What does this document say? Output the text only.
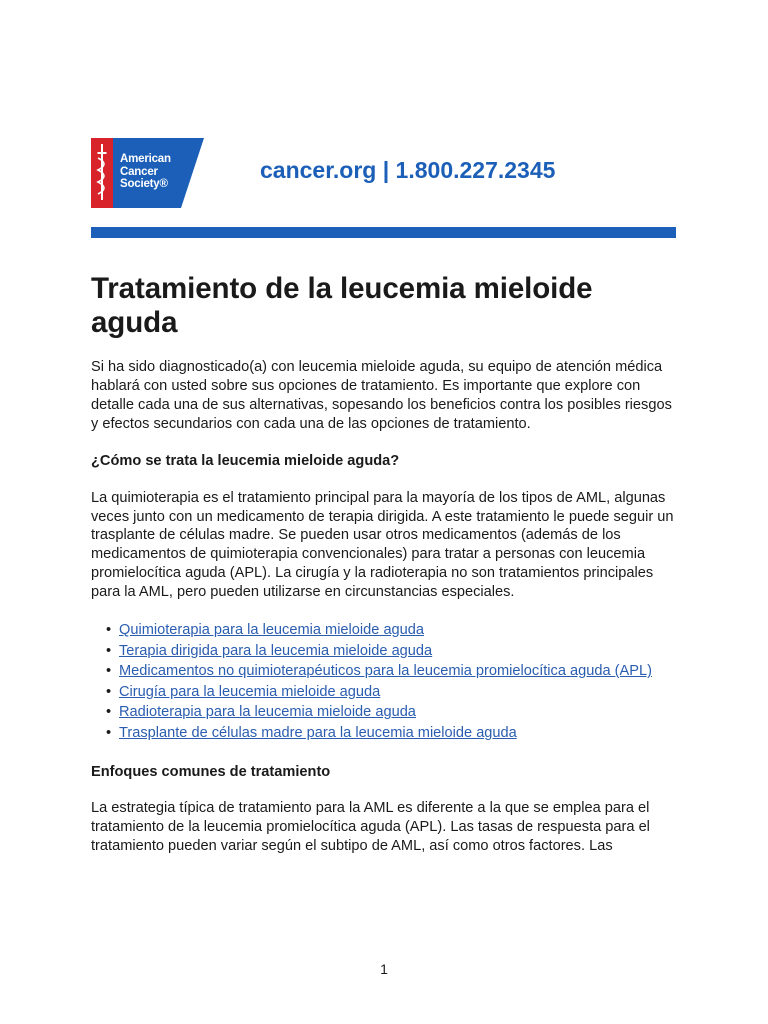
American
Cancer
Society®
cancer.org | 1.800.227.2345
Tratamiento de la leucemia mieloide aguda

Si ha sido diagnosticado(a) con leucemia mieloide aguda, su equipo de atención médica hablará con usted sobre sus opciones de tratamiento. Es importante que explore con detalle cada una de sus alternativas, sopesando los beneficios contra los posibles riesgos y efectos secundarios con cada una de las opciones de tratamiento.

¿Cómo se trata la leucemia mieloide aguda?

La quimioterapia es el tratamiento principal para la mayoría de los tipos de AML, algunas veces junto con un medicamento de terapia dirigida. A este tratamiento le puede seguir un trasplante de células madre. Se pueden usar otros medicamentos (además de los medicamentos de quimioterapia convencionales) para tratar a personas con leucemia promielocítica aguda (APL). La cirugía y la radioterapia no son tratamientos principales para la AML, pero pueden utilizarse en circunstancias especiales.

• Quimioterapia para la leucemia mieloide aguda
• Terapia dirigida para la leucemia mieloide aguda
• Medicamentos no quimioterapéuticos para la leucemia promielocítica aguda (APL)
• Cirugía para la leucemia mieloide aguda
• Radioterapia para la leucemia mieloide aguda
• Trasplante de células madre para la leucemia mieloide aguda
Enfoques comunes de tratamiento

La estrategia típica de tratamiento para la AML es diferente a la que se emplea para el tratamiento de la leucemia promielocítica aguda (APL). Las tasas de respuesta para el tratamiento pueden variar según el subtipo de AML, así como otros factores. Las

1
